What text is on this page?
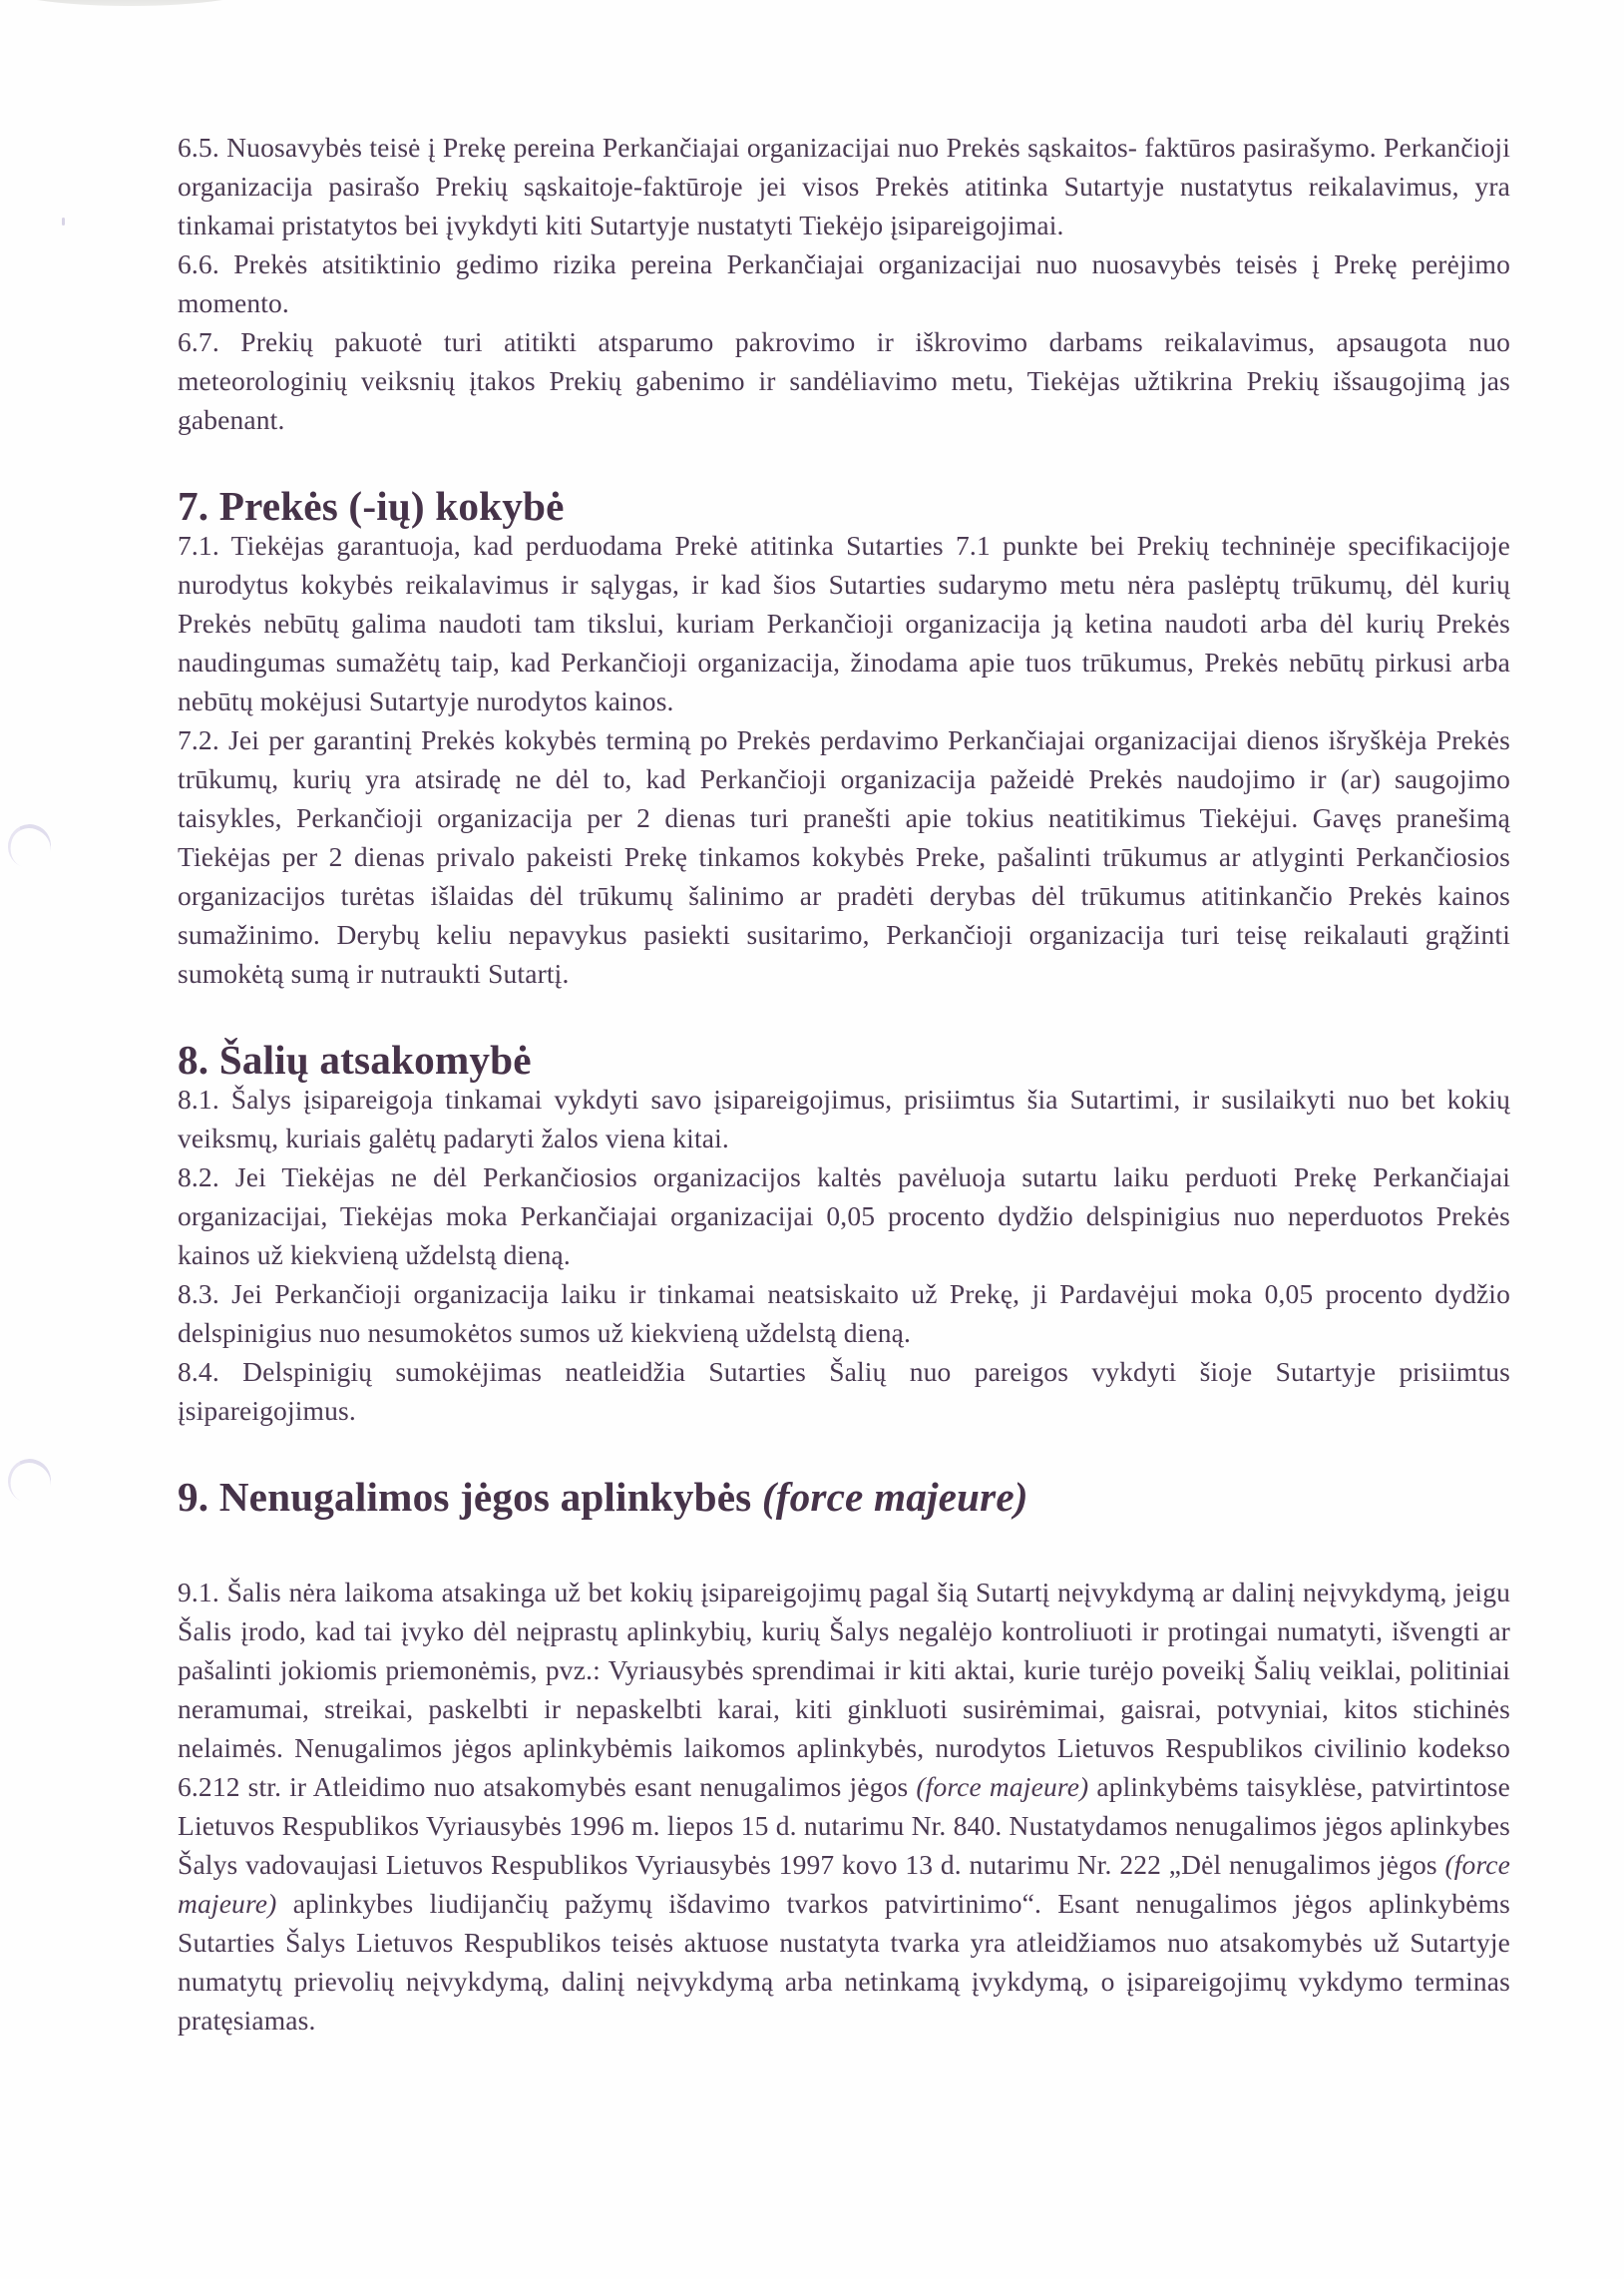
6.5. Nuosavybės teisė į Prekę pereina Perkančiajai organizacijai nuo Prekės sąskaitos- faktūros pasirašymo. Perkančioji organizacija pasirašo Prekių sąskaitoje-faktūroje jei visos Prekės atitinka Sutartyje nustatytus reikalavimus, yra tinkamai pristatytos bei įvykdyti kiti Sutartyje nustatyti Tiekėjo įsipareigojimai.

6.6. Prekės atsitiktinio gedimo rizika pereina Perkančiajai organizacijai nuo nuosavybės teisės į Prekę perėjimo momento.

6.7. Prekių pakuotė turi atitikti atsparumo pakrovimo ir iškrovimo darbams reikalavimus, apsaugota nuo meteorologinių veiksnių įtakos Prekių gabenimo ir sandėliavimo metu, Tiekėjas užtikrina Prekių išsaugojimą jas gabenant.

7. Prekės (-ių) kokybė

7.1. Tiekėjas garantuoja, kad perduodama Prekė atitinka Sutarties 7.1 punkte bei Prekių techninėje specifikacijoje nurodytus kokybės reikalavimus ir sąlygas, ir kad šios Sutarties sudarymo metu nėra paslėptų trūkumų, dėl kurių Prekės nebūtų galima naudoti tam tikslui, kuriam Perkančioji organizacija ją ketina naudoti arba dėl kurių Prekės naudingumas sumažėtų taip, kad Perkančioji organizacija, žinodama apie tuos trūkumus, Prekės nebūtų pirkusi arba nebūtų mokėjusi Sutartyje nurodytos kainos.

7.2. Jei per garantinį Prekės kokybės terminą po Prekės perdavimo Perkančiajai organizacijai dienos išryškėja Prekės trūkumų, kurių yra atsiradę ne dėl to, kad Perkančioji organizacija pažeidė Prekės naudojimo ir (ar) saugojimo taisykles, Perkančioji organizacija per 2 dienas turi pranešti apie tokius neatitikimus Tiekėjui. Gavęs pranešimą Tiekėjas per 2 dienas privalo pakeisti Prekę tinkamos kokybės Preke, pašalinti trūkumus ar atlyginti Perkančiosios organizacijos turėtas išlaidas dėl trūkumų šalinimo ar pradėti derybas dėl trūkumus atitinkančio Prekės kainos sumažinimo. Derybų keliu nepavykus pasiekti susitarimo, Perkančioji organizacija turi teisę reikalauti grąžinti sumokėtą sumą ir nutraukti Sutartį.

8. Šalių atsakomybė

8.1. Šalys įsipareigoja tinkamai vykdyti savo įsipareigojimus, prisiimtus šia Sutartimi, ir susilaikyti nuo bet kokių veiksmų, kuriais galėtų padaryti žalos viena kitai.

8.2. Jei Tiekėjas ne dėl Perkančiosios organizacijos kaltės pavėluoja sutartu laiku perduoti Prekę Perkančiajai organizacijai, Tiekėjas moka Perkančiajai organizacijai 0,05 procento dydžio delspinigius nuo neperduotos Prekės kainos už kiekvieną uždelstą dieną.

8.3. Jei Perkančioji organizacija laiku ir tinkamai neatsiskaito už Prekę, ji Pardavėjui moka 0,05 procento dydžio delspinigius nuo nesumokėtos sumos už kiekvieną uždelstą dieną.

8.4. Delspinigių sumokėjimas neatleidžia Sutarties Šalių nuo pareigos vykdyti šioje Sutartyje prisiimtus įsipareigojimus.

9. Nenugalimos jėgos aplinkybės (force majeure)

9.1. Šalis nėra laikoma atsakinga už bet kokių įsipareigojimų pagal šią Sutartį neįvykdymą ar dalinį neįvykdymą, jeigu Šalis įrodo, kad tai įvyko dėl neįprastų aplinkybių, kurių Šalys negalėjo kontroliuoti ir protingai numatyti, išvengti ar pašalinti jokiomis priemonėmis, pvz.: Vyriausybės sprendimai ir kiti aktai, kurie turėjo poveikį Šalių veiklai, politiniai neramumai, streikai, paskelbti ir nepaskelbti karai, kiti ginkluoti susirėmimai, gaisrai, potvyniai, kitos stichinės nelaimės. Nenugalimos jėgos aplinkybėmis laikomos aplinkybės, nurodytos Lietuvos Respublikos civilinio kodekso 6.212 str. ir Atleidimo nuo atsakomybės esant nenugalimos jėgos (force majeure) aplinkybėms taisyklėse, patvirtintose Lietuvos Respublikos Vyriausybės 1996 m. liepos 15 d. nutarimu Nr. 840. Nustatydamos nenugalimos jėgos aplinkybes Šalys vadovaujasi Lietuvos Respublikos Vyriausybės 1997 kovo 13 d. nutarimu Nr. 222 „Dėl nenugalimos jėgos (force majeure) aplinkybes liudijančių pažymų išdavimo tvarkos patvirtinimo“. Esant nenugalimos jėgos aplinkybėms Sutarties Šalys Lietuvos Respublikos teisės aktuose nustatyta tvarka yra atleidžiamos nuo atsakomybės už Sutartyje numatytų prievolių neįvykdymą, dalinį neįvykdymą arba netinkamą įvykdymą, o įsipareigojimų vykdymo terminas pratęsiamas.
